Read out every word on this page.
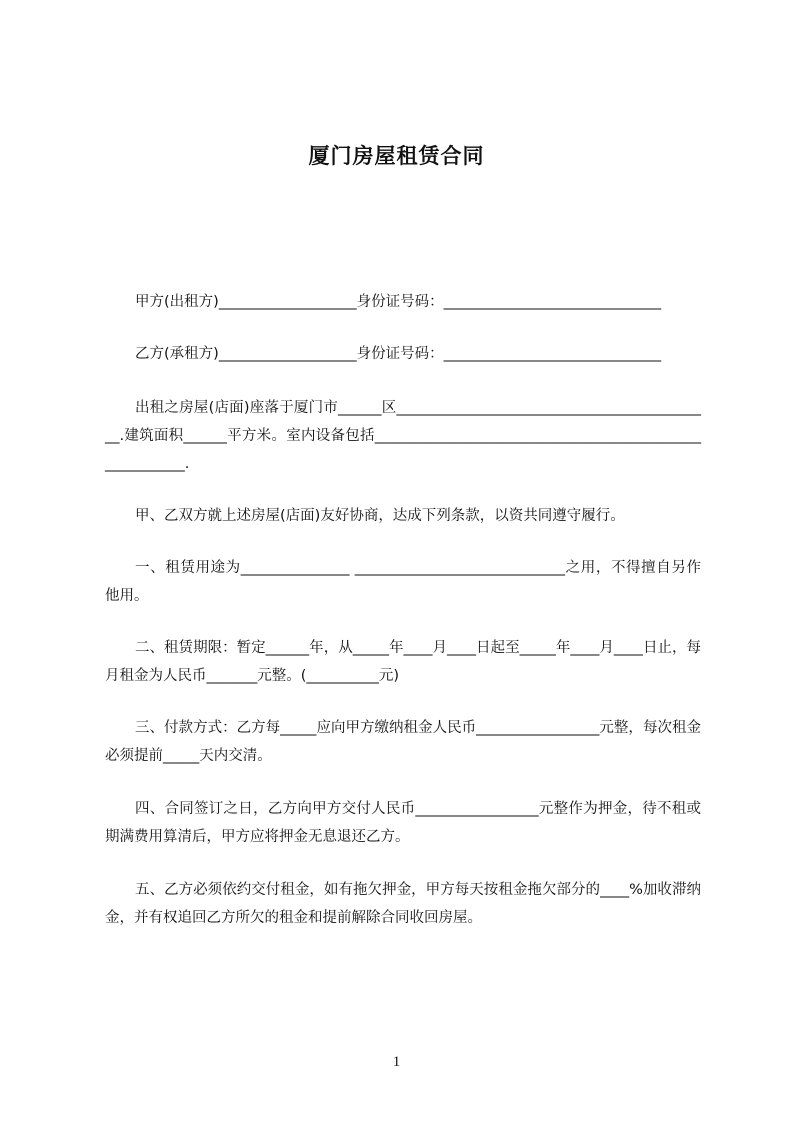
厦门房屋租赁合同
甲方(出租方)___________________身份证号码：______________________________
乙方(承租方)___________________身份证号码：______________________________
出租之房屋(店面)座落于厦门市______区____________________________________________.建筑面积______平方米。室内设备包括________________________________________________________.
甲、乙双方就上述房屋(店面)友好协商，达成下列条款，以资共同遵守履行。
一、租赁用途为_______________ _____________________________之用，不得擅自另作他用。
二、租赁期限：暂定______年，从_____年____月____日起至_____年____月____日止，每月租金为人民币_______元整。(__________元)
三、付款方式：乙方每_____应向甲方缴纳租金人民币_________________元整，每次租金必须提前_____天内交清。
四、合同签订之日，乙方向甲方交付人民币_________________元整作为押金，待不租或期满费用算清后，甲方应将押金无息退还乙方。
五、乙方必须依约交付租金，如有拖欠押金，甲方每天按租金拖欠部分的____%加收滞纳金，并有权追回乙方所欠的租金和提前解除合同收回房屋。
1
